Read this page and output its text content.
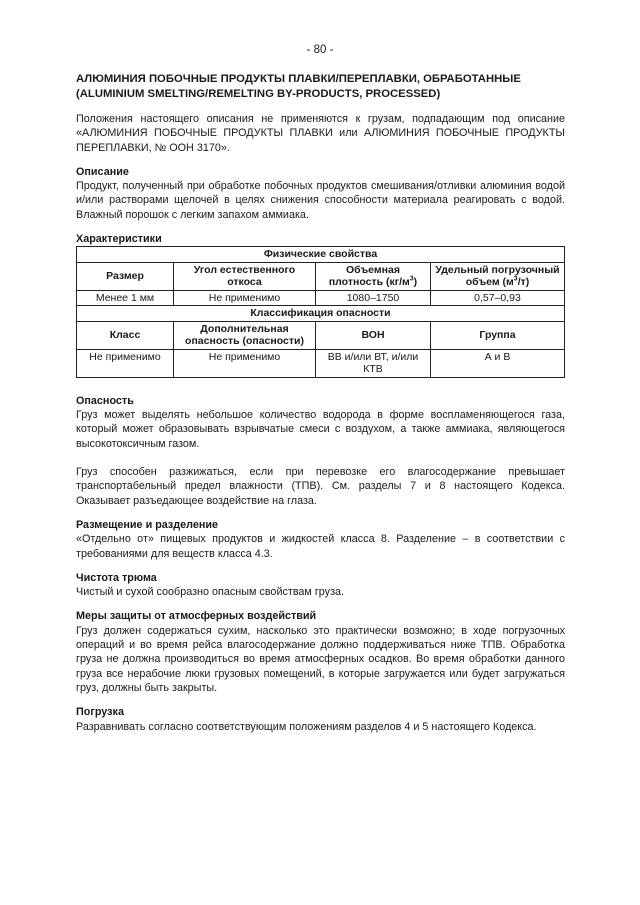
- 80 -
АЛЮМИНИЯ ПОБОЧНЫЕ ПРОДУКТЫ ПЛАВКИ/ПЕРЕПЛАВКИ, ОБРАБОТАННЫЕ
(ALUMINIUM SMELTING/REMELTING BY-PRODUCTS, PROCESSED)

Положения настоящего описания не применяются к грузам, подпадающим под описание «АЛЮМИНИЯ ПОБОЧНЫЕ ПРОДУКТЫ ПЛАВКИ или АЛЮМИНИЯ ПОБОЧНЫЕ ПРОДУКТЫ ПЕРЕПЛАВКИ, № ООН 3170».

Описание

Продукт, полученный при обработке побочных продуктов смешивания/отливки алюминия водой и/или растворами щелочей в целях снижения способности материала реагировать с водой. Влажный порошок с легким запахом аммиака.

Характеристики
Физические свойства			
Размер	Угол естественного откоса	Объемная плотность $(кг/м^3)$	Удельный погрузочный объем $(м^3/т)$
Менее 1 мм	Не применимо	1080–1750	0,57–0,93
Классификация опасности			
Класс	Дополнительная опасность (опасности)	ВОН	Группа
Не применимо	Не применимо	ВВ и/или ВТ, и/или КТВ	А и В
Опасность

Груз может выделять небольшое количество водорода в форме воспламеняющегося газа, который может образовывать взрывчатые смеси с воздухом, а также аммиака, являющегося высокотоксичным газом.

Груз способен разжижаться, если при перевозке его влагосодержание превышает транспортабельный предел влажности (ТПВ). См. разделы 7 и 8 настоящего Кодекса. Оказывает разъедающее воздействие на глаза.

Размещение и разделение

«Отдельно от» пищевых продуктов и жидкостей класса 8. Разделение – в соответствии с требованиями для веществ класса 4.3.

Чистота трюма

Чистый и сухой сообразно опасным свойствам груза.

Меры защиты от атмосферных воздействий

Груз должен содержаться сухим, насколько это практически возможно; в ходе погрузочных операций и во время рейса влагосодержание должно поддерживаться ниже ТПВ. Обработка груза не должна производиться во время атмосферных осадков. Во время обработки данного груза все нерабочие люки грузовых помещений, в которые загружается или будет загружаться груз, должны быть закрыты.

Погрузка

Разравнивать согласно соответствующим положениям разделов 4 и 5 настоящего Кодекса.
